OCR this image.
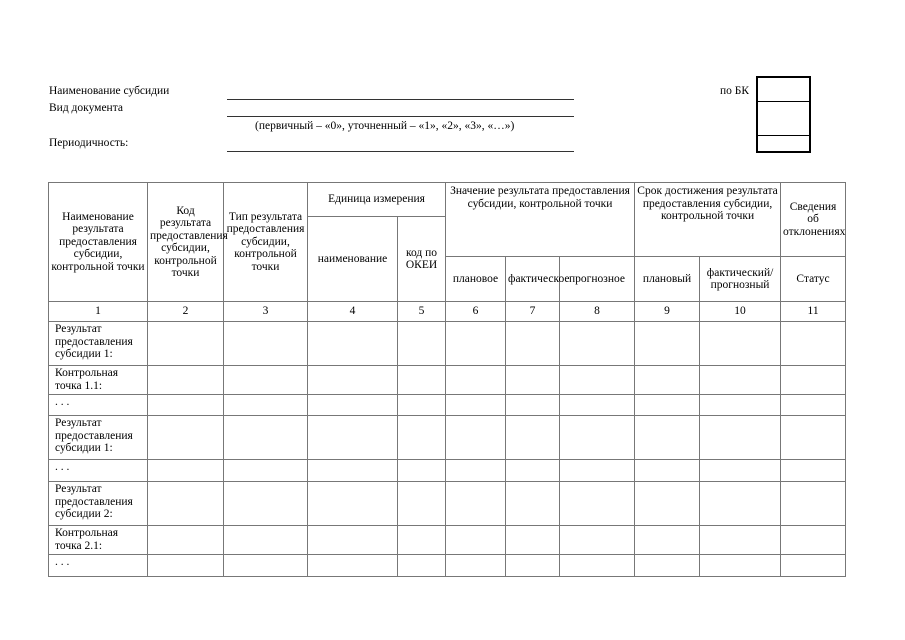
Наименование субсидии
Вид документа
(первичный – «0», уточненный – «1», «2», «3», «…»)
Периодичность:
по БК
Наименование результата предоставления субсидии, контрольной точки	Код результата предоставления субсидии, контрольной точки	Тип результата предоставления субсидии, контрольной точки	Единица измерения		Значение результата предоставления субсидии, контрольной точки			Срок достижения результата предоставления субсидии, контрольной точки		Сведения об отклонениях
			наименование	код по ОКЕИ						
					плановое	фактическое	прогнозное	плановый	фактический/ прогнозный	Статус
1	2	3	4	5	6	7	8	9	10	11
Результат предоставления субсидии 1:										
Контрольная точка 1.1:										
. . .										
Результат предоставления субсидии 1:										
. . .										
Результат предоставления субсидии 2:										
Контрольная точка 2.1:										
. . .										
